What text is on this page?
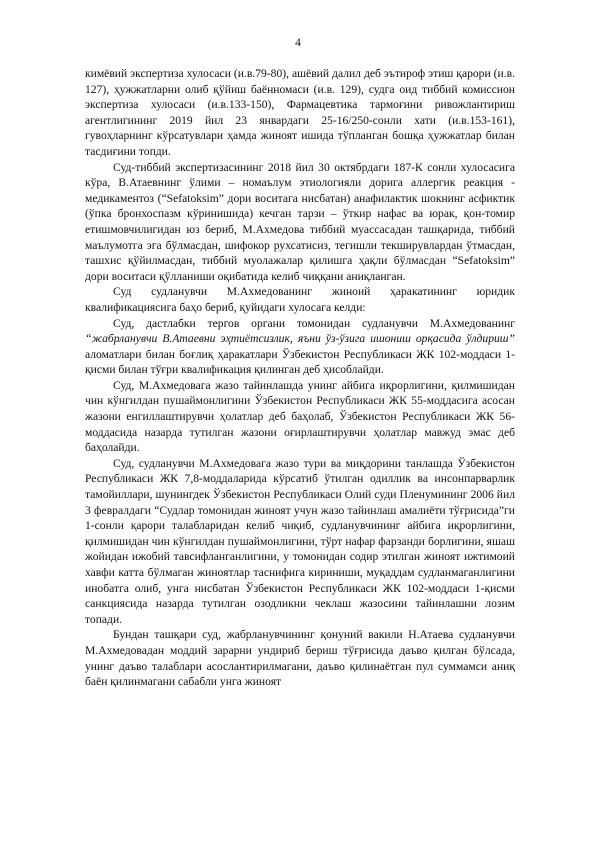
4

кимёвий экспертиза хулосаси (и.в.79-80), ашёвий далил деб эътироф этиш қарори (и.в. 127), ҳужжатларни олиб қўйиш баённомаси (и.в. 129), судга оид тиббий комиссион экспертиза хулосаси (и.в.133-150), Фармацевтика тармоғини ривожлантириш агентлигининг 2019 йил 23 январдаги 25-16/250-сонли хати (и.в.153-161), гувоҳларнинг кўрсатувлари ҳамда жиноят ишида тўпланган бошқа ҳужжатлар билан тасдиғини топди.

Суд-тиббий экспертизасининг 2018 йил 30 октябрдаги 187-К сонли хулосасига кўра, В.Атаевнинг ўлими – номаълум этиологияли дорига аллергик реакция - медикаментоз (“Sefatoksim” дори воситага нисбатан) анафилактик шокнинг асфиктик (ўпка бронхоспазм кўринишида) кечган тарзи – ўткир нафас ва юрак, қон-томир етишмовчилигидан юз бериб, М.Ахмедова тиббий муассасадан ташқарида, тиббий маълумотга эга бўлмасдан, шифокор рухсатисиз, тегишли текширувлардан ўтмасдан, ташхис қўйилмасдан, тиббий муолажалар қилишга ҳақли бўлмасдан “Sefatoksim” дори воситаси қўлланиши оқибатида келиб чиққани аниқланган.

Суд судланувчи М.Ахмедованинг жиноий ҳаракатининг юридик квалификациясига баҳо бериб, қуйидаги хулосага келди:

Суд, дастлабки тергов органи томонидан судланувчи М.Ахмедованинг “жабрланувчи В.Атаевни эҳтиётсизлик, яъни ўз-ўзига ишониш орқасида ўлдириш” аломатлари билан боғлиқ ҳаракатлари Ўзбекистон Республикаси ЖК 102-моддаси 1-қисми билан тўғри квалификация қилинган деб ҳисоблайди.

Суд, М.Ахмедовага жазо тайинлашда унинг айбига иқрорлигини, қилмишидан чин кўнгилдан пушаймонлигини Ўзбекистон Республикаси ЖК 55-моддасига асосан жазони енгиллаштирувчи ҳолатлар деб баҳолаб, Ўзбекистон Республикаси ЖК 56-моддасида назарда тутилган жазони оғирлаштирувчи ҳолатлар мавжуд эмас деб баҳолайди.

Суд, судланувчи М.Ахмедовага жазо тури ва миқдорини танлашда Ўзбекистон Республикаси ЖК 7,8-моддаларида кўрсатиб ўтилган одиллик ва инсонпарварлик тамойиллари, шунингдек Ўзбекистон Республикаси Олий суди Пленумининг 2006 йил 3 февралдаги “Судлар томонидан жиноят учун жазо тайинлаш амалиёти тўғрисида”ги 1-сонли қарори талабларидан келиб чиқиб, судланувчининг айбига иқрорлигини, қилмишидан чин кўнгилдан пушаймонлигини, тўрт нафар фарзанди борлигини, яшаш жойидан ижобий тавсифланганлигини, у томонидан содир этилган жиноят ижтимоий хавфи катта бўлмаган жиноятлар таснифига кириниши, муқаддам судланмаганлигини инобатга олиб, унга нисбатан Ўзбекистон Республикаси ЖК 102-моддаси 1-қисми санкциясида назарда тутилган озодликни чеклаш жазосини тайинлашни лозим топади.

Бундан ташқари суд, жабрланувчининг қонуний вакили Н.Атаева судланувчи М.Ахмедовадан моддий зарарни ундириб бериш тўғрисида даъво қилган бўлсада, унинг даъво талаблари асослантирилмагани, даъво қилинаётган пул суммамси аниқ баён қилинмагани сабабли унга жиноят
